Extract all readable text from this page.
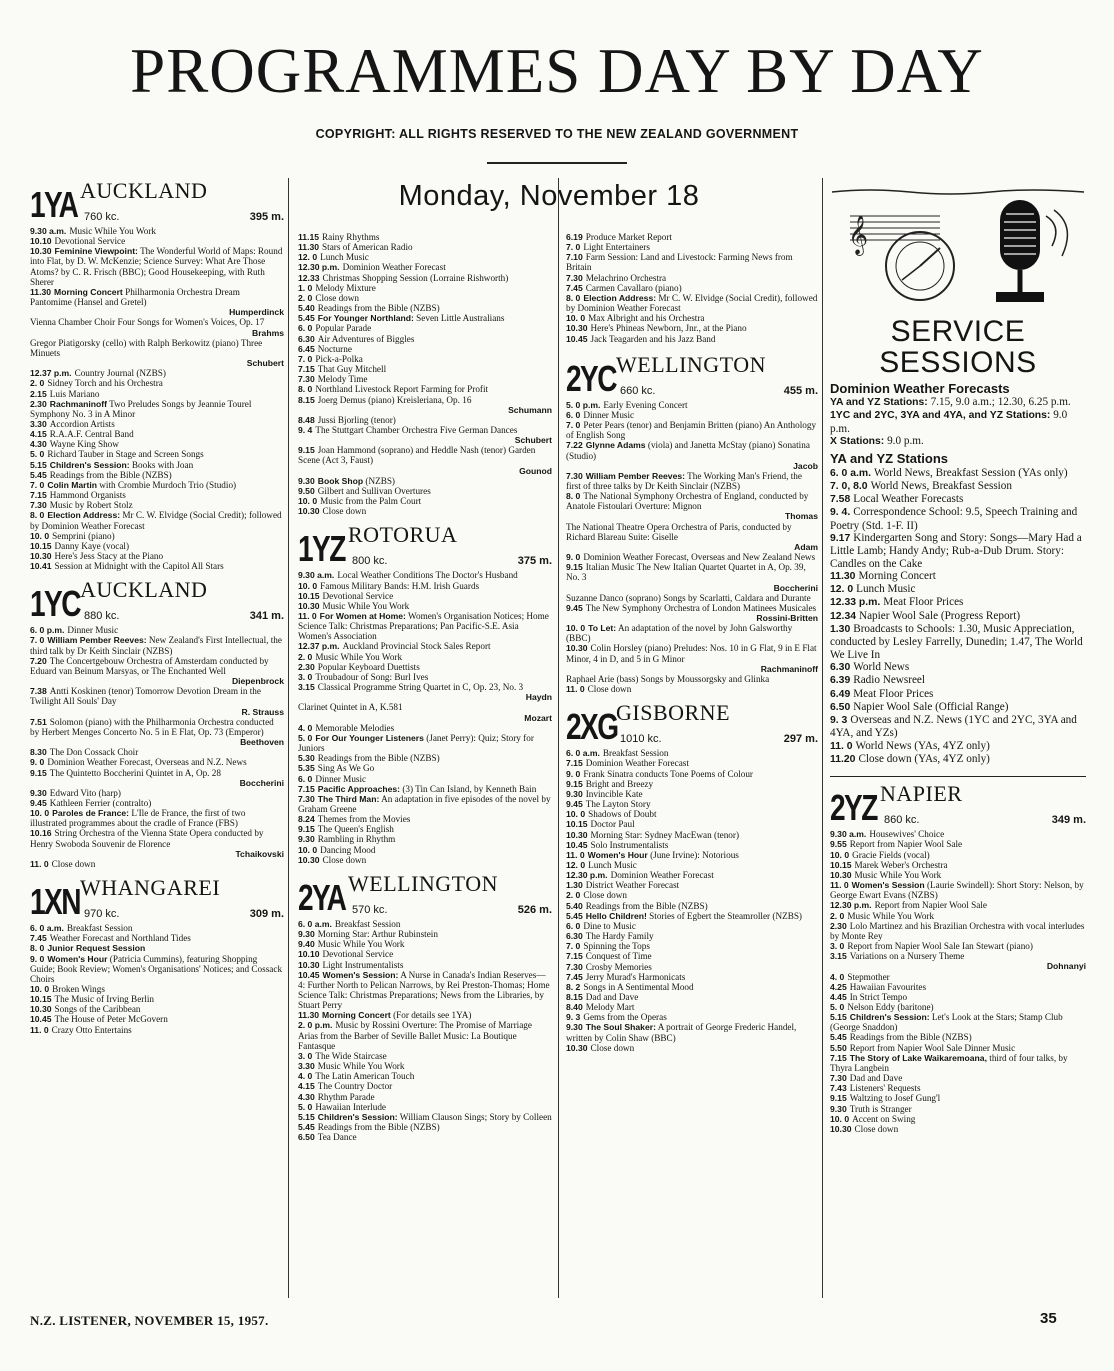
PROGRAMMES DAY BY DAY
COPYRIGHT: ALL RIGHTS RESERVED TO THE NEW ZEALAND GOVERNMENT
Monday, November 18
1YA AUCKLAND
760 kc.	395 m.
9.30 a.m. Music While You Work
10.10 Devotional Service
10.30 Feminine Viewpoint: The Wonderful World of Maps: Round into Flat, by D. W. McKenzie; Science Survey: What Are Those Atoms? by C. R. Frisch (BBC); Good Housekeeping, with Ruth Sherer
11.30 Morning Concert Philharmonia Orchestra Dream Pantomime (Hansel and Gretel)
Humperdinck
Vienna Chamber Choir Four Songs for Women's Voices, Op. 17
Brahms
Gregor Piatigorsky (cello) with Ralph Berkowitz (piano) Three Minuets
Schubert
12.37 p.m. Country Journal (NZBS)
2. 0 Sidney Torch and his Orchestra
2.15 Luis Mariano
2.30 Rachmaninoff Two Preludes Songs by Jeannie Tourel Symphony No. 3 in A Minor
3.30 Accordion Artists
4.15 R.A.A.F. Central Band
4.30 Wayne King Show
5. 0 Richard Tauber in Stage and Screen Songs
5.15 Children's Session: Books with Joan
5.45 Readings from the Bible (NZBS)
7. 0 Colin Martin with Crombie Murdoch Trio (Studio)
7.15 Hammond Organists
7.30 Music by Robert Stolz
8. 0 Election Address: Mr C. W. Elvidge (Social Credit); followed by Dominion Weather Forecast
10. 0 Semprini (piano)
10.15 Danny Kaye (vocal)
10.30 Here's Jess Stacy at the Piano
10.41 Session at Midnight with the Capitol All Stars
1YC AUCKLAND
880 kc.	341 m.
6. 0 p.m. Dinner Music
7. 0 William Pember Reeves: New Zealand's First Intellectual, the third talk by Dr Keith Sinclair (NZBS)
7.20 The Concertgebouw Orchestra of Amsterdam conducted by Eduard van Beinum Marsyas, or The Enchanted Well
Diepenbrock
7.38 Antti Koskinen (tenor) Tomorrow Devotion Dream in the Twilight All Souls' Day
R. Strauss
7.51 Solomon (piano) with the Philharmonia Orchestra conducted by Herbert Menges Concerto No. 5 in E Flat, Op. 73 (Emperor)
Beethoven
8.30 The Don Cossack Choir
9. 0 Dominion Weather Forecast, Overseas and N.Z. News
9.15 The Quintetto Boccherini Quintet in A, Op. 28
Boccherini
9.30 Edward Vito (harp)
9.45 Kathleen Ferrier (contralto)
10. 0 Paroles de France: L'Ile de France, the first of two illustrated programmes about the cradle of France (FBS)
10.16 String Orchestra of the Vienna State Opera conducted by Henry Swoboda Souvenir de Florence
Tchaikovski
11. 0 Close down
1XN WHANGAREI
970 kc.	309 m.
6. 0 a.m. Breakfast Session
7.45 Weather Forecast and Northland Tides
8. 0 Junior Request Session
9. 0 Women's Hour (Patricia Cummins), featuring Shopping Guide; Book Review; Women's Organisations' Notices; and Cossack Choirs
10. 0 Broken Wings
10.15 The Music of Irving Berlin
10.30 Songs of the Caribbean
10.45 The House of Peter McGovern
11. 0 Crazy Otto Entertains
11.15 Rainy Rhythms
11.30 Stars of American Radio
12. 0 Lunch Music
12.30 p.m. Dominion Weather Forecast
12.33 Christmas Shopping Session (Lorraine Rishworth)
1. 0 Melody Mixture
2. 0 Close down
5.40 Readings from the Bible (NZBS)
5.45 For Younger Northland: Seven Little Australians
6. 0 Popular Parade
6.30 Air Adventures of Biggles
6.45 Nocturne
7. 0 Pick-a-Polka
7.15 That Guy Mitchell
7.30 Melody Time
8. 0 Northland Livestock Report Farming for Profit
8.15 Joerg Demus (piano) Kreisleriana, Op. 16
Schumann
8.48 Jussi Bjorling (tenor)
9. 4 The Stuttgart Chamber Orchestra Five German Dances
Schubert
9.15 Joan Hammond (soprano) and Heddle Nash (tenor) Garden Scene (Act 3, Faust)
Gounod
9.30 Book Shop (NZBS)
9.50 Gilbert and Sullivan Overtures
10. 0 Music from the Palm Court
10.30 Close down
1YZ ROTORUA
800 kc.	375 m.
9.30 a.m. Local Weather Conditions The Doctor's Husband
10. 0 Famous Military Bands: H.M. Irish Guards
10.15 Devotional Service
10.30 Music While You Work
11. 0 For Women at Home: Women's Organisation Notices; Home Science Talk: Christmas Preparations; Pan Pacific-S.E. Asia Women's Association
12.37 p.m. Auckland Provincial Stock Sales Report
2. 0 Music While You Work
2.30 Popular Keyboard Duettists
3. 0 Troubadour of Song: Burl Ives
3.15 Classical Programme String Quartet in C, Op. 23, No. 3
Haydn
Clarinet Quintet in A, K.581
Mozart
4. 0 Memorable Melodies
5. 0 For Our Younger Listeners (Janet Perry): Quiz; Story for Juniors
5.30 Readings from the Bible (NZBS)
5.35 Sing As We Go
6. 0 Dinner Music
7.15 Pacific Approaches: (3) Tin Can Island, by Kenneth Bain
7.30 The Third Man: An adaptation in five episodes of the novel by Graham Greene
8.24 Themes from the Movies
9.15 The Queen's English
9.30 Rambling in Rhythm
10. 0 Dancing Mood
10.30 Close down
2YA WELLINGTON
570 kc.	526 m.
6. 0 a.m. Breakfast Session
9.30 Morning Star: Arthur Rubinstein
9.40 Music While You Work
10.10 Devotional Service
10.30 Light Instrumentalists
10.45 Women's Session: A Nurse in Canada's Indian Reserves—4: Further North to Pelican Narrows, by Rei Preston-Thomas; Home Science Talk: Christmas Preparations; News from the Libraries, by Stuart Perry
11.30 Morning Concert (For details see 1YA)
2. 0 p.m. Music by Rossini Overture: The Promise of Marriage Arias from the Barber of Seville Ballet Music: La Boutique Fantasque
3. 0 The Wide Staircase
3.30 Music While You Work
4. 0 The Latin American Touch
4.15 The Country Doctor
4.30 Rhythm Parade
5. 0 Hawaiian Interlude
5.15 Children's Session: William Clauson Sings; Story by Colleen
5.45 Readings from the Bible (NZBS)
6.50 Tea Dance
6.19 Produce Market Report
7. 0 Light Entertainers
7.10 Farm Session: Land and Livestock: Farming News from Britain
7.30 Melachrino Orchestra
7.45 Carmen Cavallaro (piano)
8. 0 Election Address: Mr C. W. Elvidge (Social Credit), followed by Dominion Weather Forecast
10. 0 Max Albright and his Orchestra
10.30 Here's Phineas Newborn, Jnr., at the Piano
10.45 Jack Teagarden and his Jazz Band
2YC WELLINGTON
660 kc.	455 m.
5. 0 p.m. Early Evening Concert
6. 0 Dinner Music
7. 0 Peter Pears (tenor) and Benjamin Britten (piano) An Anthology of English Song
7.22 Glynne Adams (viola) and Janetta McStay (piano) Sonatina (Studio)
Jacob
7.30 William Pember Reeves: The Working Man's Friend, the first of three talks by Dr Keith Sinclair (NZBS)
8. 0 The National Symphony Orchestra of England, conducted by Anatole Fistoulari Overture: Mignon
Thomas
The National Theatre Opera Orchestra of Paris, conducted by Richard Blareau Suite: Giselle
Adam
9. 0 Dominion Weather Forecast, Overseas and New Zealand News
9.15 Italian Music The New Italian Quartet Quartet in A, Op. 39, No. 3
Boccherini
Suzanne Danco (soprano) Songs by Scarlatti, Caldara and Durante
9.45 The New Symphony Orchestra of London Matinees Musicales
Rossini-Britten
10. 0 To Let: An adaptation of the novel by John Galsworthy (BBC)
10.30 Colin Horsley (piano) Preludes: Nos. 10 in G Flat, 9 in E Flat Minor, 4 in D, and 5 in G Minor
Rachmaninoff
Raphael Arie (bass) Songs by Moussorgsky and Glinka
11. 0 Close down
2XG
GISBORNE
1010 kc.	297 m.
6. 0 a.m. Breakfast Session
7.15 Dominion Weather Forecast
9. 0 Frank Sinatra conducts Tone Poems of Colour
9.15 Bright and Breezy
9.30 Invincible Kate
9.45 The Layton Story
10. 0 Shadows of Doubt
10.15 Doctor Paul
10.30 Morning Star: Sydney MacEwan (tenor)
10.45 Solo Instrumentalists
11. 0 Women's Hour (June Irvine): Notorious
12. 0 Lunch Music
12.30 p.m. Dominion Weather Forecast
1.30 District Weather Forecast
2. 0 Close down
5.40 Readings from the Bible (NZBS)
5.45 Hello Children! Stories of Egbert the Steamroller (NZBS)
6. 0 Dine to Music
6.30 The Hardy Family
7. 0 Spinning the Tops
7.15 Conquest of Time
7.30 Crosby Memories
7.45 Jerry Murad's Harmonicats
8. 2 Songs in A Sentimental Mood
8.15 Dad and Dave
8.40 Melody Mart
9. 3 Gems from the Operas
9.30 The Soul Shaker: A portrait of George Frederic Handel, written by Colin Shaw (BBC)
10.30 Close down
𝄞
SERVICE
SESSIONS
Dominion Weather Forecasts
YA and YZ Stations: 7.15, 9.0 a.m.; 12.30, 6.25 p.m.
1YC and 2YC, 3YA and 4YA, and YZ Stations: 9.0 p.m.
X Stations: 9.0 p.m.
YA and YZ Stations
6. 0 a.m. World News, Breakfast Session (YAs only)
7. 0, 8.0 World News, Breakfast Session
7.58 Local Weather Forecasts
9. 4. Correspondence School: 9.5, Speech Training and Poetry (Std. 1-F. II)
9.17 Kindergarten Song and Story: Songs—Mary Had a Little Lamb; Handy Andy; Rub-a-Dub Drum. Story: Candles on the Cake
11.30 Morning Concert
12. 0 Lunch Music
12.33 p.m. Meat Floor Prices
12.34 Napier Wool Sale (Progress Report)
1.30 Broadcasts to Schools: 1.30, Music Appreciation, conducted by Lesley Farrelly, Dunedin; 1.47, The World We Live In
6.30 World News
6.39 Radio Newsreel
6.49 Meat Floor Prices
6.50 Napier Wool Sale (Official Range)
9. 3 Overseas and N.Z. News (1YC and 2YC, 3YA and 4YA, and YZs)
11. 0 World News (YAs, 4YZ only)
11.20 Close down (YAs, 4YZ only)
2YZ NAPIER
860 kc.	349 m.
9.30 a.m. Housewives' Choice
9.55 Report from Napier Wool Sale
10. 0 Gracie Fields (vocal)
10.15 Marek Weber's Orchestra
10.30 Music While You Work
11. 0 Women's Session (Laurie Swindell): Short Story: Nelson, by George Ewart Evans (NZBS)
12.30 p.m. Report from Napier Wool Sale
2. 0 Music While You Work
2.30 Lolo Martinez and his Brazilian Orchestra with vocal interludes by Monte Rey
3. 0 Report from Napier Wool Sale Ian Stewart (piano)
3.15 Variations on a Nursery Theme
Dohnanyi
4. 0 Stepmother
4.25 Hawaiian Favourites
4.45 In Strict Tempo
5. 0 Nelson Eddy (baritone)
5.15 Children's Session: Let's Look at the Stars; Stamp Club (George Snaddon)
5.45 Readings from the Bible (NZBS)
5.50 Report from Napier Wool Sale Dinner Music
7.15 The Story of Lake Waikaremoana, third of four talks, by Thyra Langbein
7.30 Dad and Dave
7.43 Listeners' Requests
9.15 Waltzing to Josef Gung'l
9.30 Truth is Stranger
10. 0 Accent on Swing
10.30 Close down
N.Z. LISTENER, NOVEMBER 15, 1957.	35
